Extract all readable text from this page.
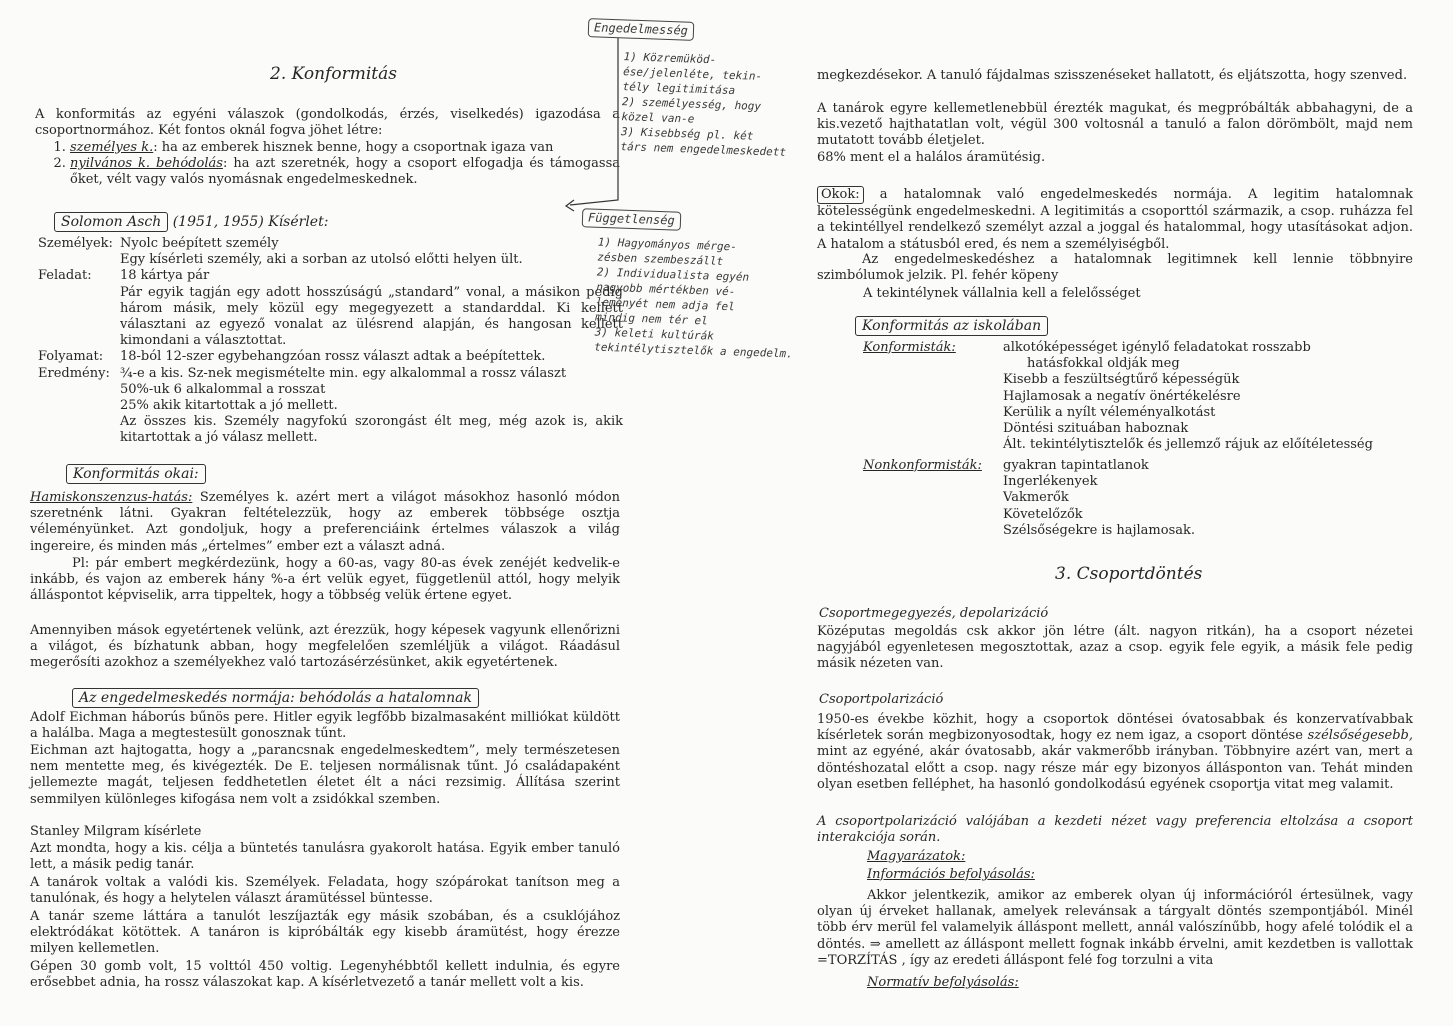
2. Konformitás
A konformitás az egyéni válaszok (gondolkodás, érzés, viselkedés) igazodása a csoportnormához. Két fontos oknál fogva jöhet létre:
1. személyes k.: ha az emberek hisznek benne, hogy a csoportnak igaza van
2. nyilvános k. behódolás: ha azt szeretnék, hogy a csoport elfogadja és támogassa őket, vélt vagy valós nyomásnak engedelmeskednek.
Solomon Asch (1951, 1955) Kísérlet:
Személyek: Nyolc beépített személy
Egy kísérleti személy, aki a sorban az utolsó előtti helyen ült.
Feladat:	18 kártya pár
Pár egyik tagján egy adott hosszúságú „standard” vonal, a másikon pedig három másik, mely közül egy megegyezett a standarddal. Ki kellett választani az egyező vonalat az ülésrend alapján, és hangosan kellett kimondani a választottat.
Folyamat:	18-ból 12-szer egybehangzóan rossz választ adtak a beépítettek.
Eredmény: ¾-e a kis. Sz-nek megismételte min. egy alkalommal a rossz választ
50%-uk 6 alkalommal a rosszat
25% akik kitartottak a jó mellett.
Az összes kis. Személy nagyfokú szorongást élt meg, még azok is, akik kitartottak a jó válasz mellett.
Konformitás okai:
Hamiskonszenzus-hatás: Személyes k. azért mert a világot másokhoz hasonló módon szeretnénk látni. Gyakran feltételezzük, hogy az emberek többsége osztja véleményünket. Azt gondoljuk, hogy a preferenciáink értelmes válaszok a világ ingereire, és minden más „értelmes” ember ezt a választ adná.
Pl: pár embert megkérdezünk, hogy a 60-as, vagy 80-as évek zenéjét kedvelik-e inkább, és vajon az emberek hány %-a ért velük egyet, függetlenül attól, hogy melyik álláspontot képviselik, arra tippeltek, hogy a többség velük értene egyet.
Amennyiben mások egyetértenek velünk, azt érezzük, hogy képesek vagyunk ellenőrizni a világot, és bízhatunk abban, hogy megfelelően szemléljük a világot. Ráadásul megerősíti azokhoz a személyekhez való tartozásérzésünket, akik egyetértenek.
Az engedelmeskedés normája: behódolás a hatalomnak
Adolf Eichman háborús bűnös pere. Hitler egyik legfőbb bizalmasaként milliókat küldött a halálba. Maga a megtestesült gonosznak tűnt.
Eichman azt hajtogatta, hogy a „parancsnak engedelmeskedtem”, mely természetesen nem mentette meg, és kivégezték. De E. teljesen normálisnak tűnt. Jó családapaként jellemezte magát, teljesen feddhetetlen életet élt a náci rezsimig. Állítása szerint semmilyen különleges kifogása nem volt a zsidókkal szemben.
Stanley Milgram kísérlete
Azt mondta, hogy a kis. célja a büntetés tanulásra gyakorolt hatása. Egyik ember tanuló lett, a másik pedig tanár.
A tanárok voltak a valódi kis. Személyek. Feladata, hogy szópárokat tanítson meg a tanulónak, és hogy a helytelen választ áramütéssel büntesse.
A tanár szeme láttára a tanulót leszíjazták egy másik szobában, és a csuklójához elektródákat kötöttek. A tanáron is kipróbálták egy kisebb áramütést, hogy érezze milyen kellemetlen.
Gépen 30 gomb volt, 15 volttól 450 voltig. Legenyhébbtől kellett indulnia, és egyre erősebbet adnia, ha rossz válaszokat kap. A kísérletvezető a tanár mellett volt a kis.
Engedelmesség
1) Közremüköd-
ése/jelenléte, tekin-
tély legitimitása
2) személyesség, hogy
közel van-e
3) Kisebbség pl. két
társ nem engedelmeskedett
Függetlenség
1) Hagyományos mérge-
zésben szembeszállt
2) Individualista egyén
nagyobb mértékben vé-
leményét nem adja fel
mindig nem tér el
3) keleti kultúrák
tekintélytisztelők a engedelm.
megkezdésekor. A tanuló fájdalmas szisszenéseket hallatott, és eljátszotta, hogy szenved.
A tanárok egyre kellemetlenebbül érezték magukat, és megpróbálták abbahagyni, de a kis.vezető hajthatatlan volt, végül 300 voltosnál a tanuló a falon dörömbölt, majd nem mutatott tovább életjelet.
68% ment el a halálos áramütésig.
Okok: a hatalomnak való engedelmeskedés normája. A legitim hatalomnak kötelességünk engedelmeskedni. A legitimitás a csoporttól származik, a csop. ruházza fel a tekintéllyel rendelkező személyt azzal a joggal és hatalommal, hogy utasításokat adjon. A hatalom a státusból ered, és nem a személyiségből.
Az engedelmeskedéshez a hatalomnak legitimnek kell lennie többnyire szimbólumok jelzik. Pl. fehér köpeny
A tekintélynek vállalnia kell a felelősséget
Konformitás az iskolában
Konformisták:	alkotóképességet igénylő feladatokat rosszabb
hatásfokkal oldják meg
Kisebb a feszültségtűrő képességük
Hajlamosak a negatív önértékelésre
Kerülik a nyílt véleményalkotást
Döntési szituában haboznak
Ált. tekintélytisztelők és jellemző rájuk az előítéletesség
Nonkonformisták: gyakran tapintatlanok
Ingerlékenyek
Vakmerők
Követelőzők
Szélsőségekre is hajlamosak.
3. Csoportdöntés
Csoportmegegyezés, depolarizáció
Középutas megoldás csk akkor jön létre (ált. nagyon ritkán), ha a csoport nézetei nagyjából egyenletesen megosztottak, azaz a csop. egyik fele egyik, a másik fele pedig másik nézeten van.
Csoportpolarizáció
1950-es évekbe közhit, hogy a csoportok döntései óvatosabbak és konzervatívabbak kísérletek során megbizonyosodtak, hogy ez nem igaz, a csoport döntése szélsőségesebb, mint az egyéné, akár óvatosabb, akár vakmerőbb irányban. Többnyire azért van, mert a döntéshozatal előtt a csop. nagy része már egy bizonyos állásponton van. Tehát minden olyan esetben felléphet, ha hasonló gondolkodású egyének csoportja vitat meg valamit.
A csoportpolarizáció valójában a kezdeti nézet vagy preferencia eltolzása a csoport interakciója során.
Magyarázatok:
Információs befolyásolás:
Akkor jelentkezik, amikor az emberek olyan új információról értesülnek, vagy olyan új érveket hallanak, amelyek relevánsak a tárgyalt döntés szempontjából. Minél több érv merül fel valamelyik álláspont mellett, annál valószínűbb, hogy afelé tolódik el a döntés. ⇒ amellett az álláspont mellett fognak inkább érvelni, amit kezdetben is vallottak =TORZÍTÁS , így az eredeti álláspont felé fog torzulni a vita
Normatív befolyásolás:
